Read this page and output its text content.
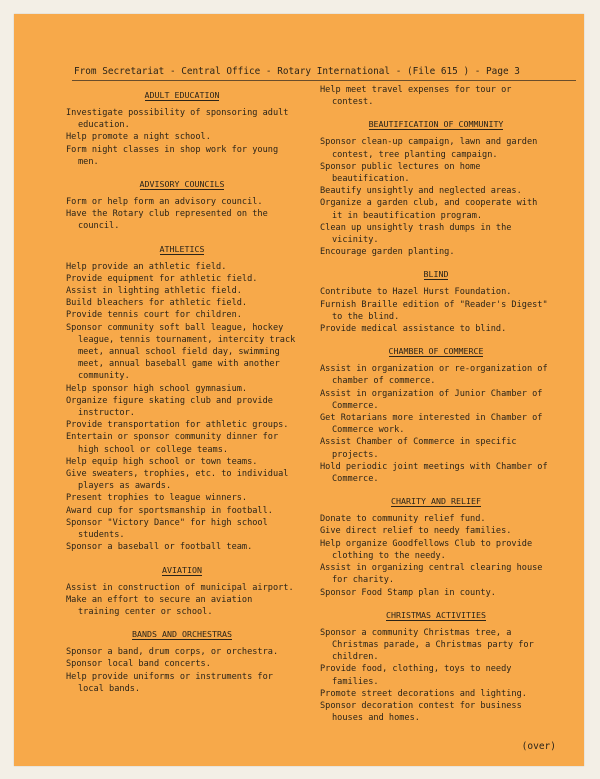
From Secretariat - Central Office - Rotary International - (File 615 ) - Page 3
ADULT EDUCATION
Investigate possibility of sponsoring adult education.
Help promote a night school.
Form night classes in shop work for young men.
ADVISORY COUNCILS
Form or help form an advisory council.
Have the Rotary club represented on the council.
ATHLETICS
Help provide an athletic field.
Provide equipment for athletic field.
Assist in lighting athletic field.
Build bleachers for athletic field.
Provide tennis court for children.
Sponsor community soft ball league, hockey league, tennis tournament, intercity track meet, annual school field day, swimming meet, annual baseball game with another community.
Help sponsor high school gymnasium.
Organize figure skating club and provide instructor.
Provide transportation for athletic groups.
Entertain or sponsor community dinner for high school or college teams.
Help equip high school or town teams.
Give sweaters, trophies, etc. to individual players as awards.
Present trophies to league winners.
Award cup for sportsmanship in football.
Sponsor "Victory Dance" for high school students.
Sponsor a baseball or football team.
AVIATION
Assist in construction of municipal airport.
Make an effort to secure an aviation training center or school.
BANDS AND ORCHESTRAS
Sponsor a band, drum corps, or orchestra.
Sponsor local band concerts.
Help provide uniforms or instruments for local bands.
Help meet travel expenses for tour or contest.
BEAUTIFICATION OF COMMUNITY
Sponsor clean-up campaign, lawn and garden contest, tree planting campaign.
Sponsor public lectures on home beautification.
Beautify unsightly and neglected areas.
Organize a garden club, and cooperate with it in beautification program.
Clean up unsightly trash dumps in the vicinity.
Encourage garden planting.
BLIND
Contribute to Hazel Hurst Foundation.
Furnish Braille edition of "Reader's Digest" to the blind.
Provide medical assistance to blind.
CHAMBER OF COMMERCE
Assist in organization or re-organization of chamber of commerce.
Assist in organization of Junior Chamber of Commerce.
Get Rotarians more interested in Chamber of Commerce work.
Assist Chamber of Commerce in specific projects.
Hold periodic joint meetings with Chamber of Commerce.
CHARITY AND RELIEF
Donate to community relief fund.
Give direct relief to needy families.
Help organize Goodfellows Club to provide clothing to the needy.
Assist in organizing central clearing house for charity.
Sponsor Food Stamp plan in county.
CHRISTMAS ACTIVITIES
Sponsor a community Christmas tree, a Christmas parade, a Christmas party for children.
Provide food, clothing, toys to needy families.
Promote street decorations and lighting.
Sponsor decoration contest for business houses and homes.
(over)
